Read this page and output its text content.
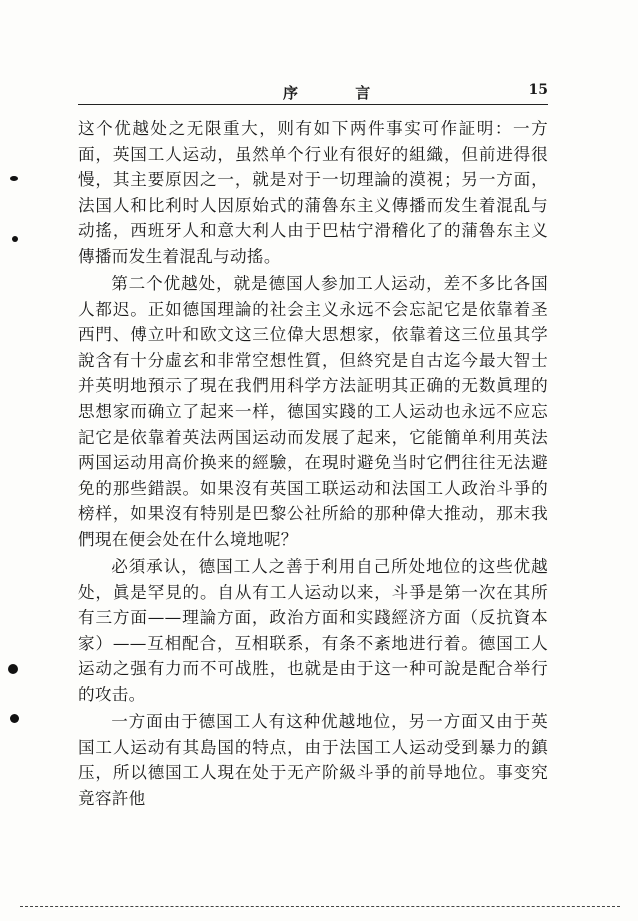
序 言	15

这个优越处之无限重大，则有如下两件事实可作証明：一方面，英国工人运动，虽然单个行业有很好的組織，但前进得很慢，其主要原因之一，就是对于一切理論的漠視；另一方面，法国人和比利时人因原始式的蒲魯东主义傳播而发生着混乱与动搖，西班牙人和意大利人由于巴枯宁滑稽化了的蒲魯东主义傳播而发生着混乱与动搖。

第二个优越处，就是德国人参加工人运动，差不多比各国人都迟。正如德国理論的社会主义永远不会忘記它是依靠着圣西門、傅立叶和欧文这三位偉大思想家，依靠着这三位虽其学說含有十分虛玄和非常空想性質，但終究是自古迄今最大智士并英明地預示了現在我們用科学方法証明其正确的无数眞理的思想家而确立了起来一样，德国实踐的工人运动也永远不应忘記它是依靠着英法两国运动而发展了起来，它能簡单利用英法两国运动用高价换来的經驗，在現时避免当时它們往往无法避免的那些錯誤。如果沒有英国工联运动和法国工人政治斗爭的榜样，如果沒有特别是巴黎公社所給的那种偉大推动，那末我們現在便会处在什么境地呢？

必須承认，德国工人之善于利用自己所处地位的这些优越处，眞是罕見的。自从有工人运动以来，斗爭是第一次在其所有三方面——理論方面，政治方面和实踐經济方面（反抗資本家）——互相配合，互相联系，有条不紊地进行着。德国工人运动之强有力而不可战胜，也就是由于这一种可說是配合举行的攻击。

一方面由于德国工人有这种优越地位，另一方面又由于英国工人运动有其島国的特点，由于法国工人运动受到暴力的鎮压，所以德国工人現在处于无产阶級斗爭的前导地位。事变究竟容許他
